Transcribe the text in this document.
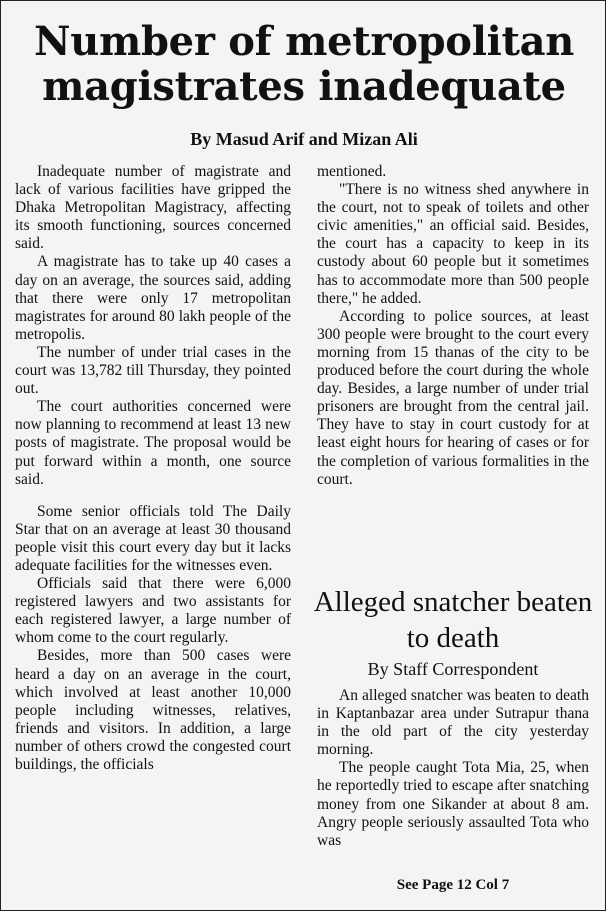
Number of metropolitan magistrates inadequate
By Masud Arif and Mizan Ali

Inadequate number of magistrate and lack of various facilities have gripped the Dhaka Metropolitan Magistracy, affecting its smooth functioning, sources concerned said.

A magistrate has to take up 40 cases a day on an average, the sources said, adding that there were only 17 metropolitan magistrates for around 80 lakh people of the metropolis.

The number of under trial cases in the court was 13,782 till Thursday, they pointed out.

The court authorities concerned were now planning to recommend at least 13 new posts of magistrate. The proposal would be put forward within a month, one source said.

Some senior officials told The Daily Star that on an average at least 30 thousand people visit this court every day but it lacks adequate facilities for the witnesses even.

Officials said that there were 6,000 registered lawyers and two assistants for each registered lawyer, a large number of whom come to the court regularly.

Besides, more than 500 cases were heard a day on an average in the court, which involved at least another 10,000 people including witnesses, relatives, friends and visitors. In addition, a large number of others crowd the congested court buildings, the officials

mentioned.

"There is no witness shed anywhere in the court, not to speak of toilets and other civic amenities," an official said. Besides, the court has a capacity to keep in its custody about 60 people but it sometimes has to accommodate more than 500 people there," he added.

According to police sources, at least 300 people were brought to the court every morning from 15 thanas of the city to be produced before the court during the whole day. Besides, a large number of under trial prisoners are brought from the central jail. They have to stay in court custody for at least eight hours for hearing of cases or for the completion of various formalities in the court.

Alleged snatcher beaten to death
By Staff Correspondent

An alleged snatcher was beaten to death in Kaptanbazar area under Sutrapur thana in the old part of the city yesterday morning.

The people caught Tota Mia, 25, when he reportedly tried to escape after snatching money from one Sikander at about 8 am. Angry people seriously assaulted Tota who was

See Page 12 Col 7
